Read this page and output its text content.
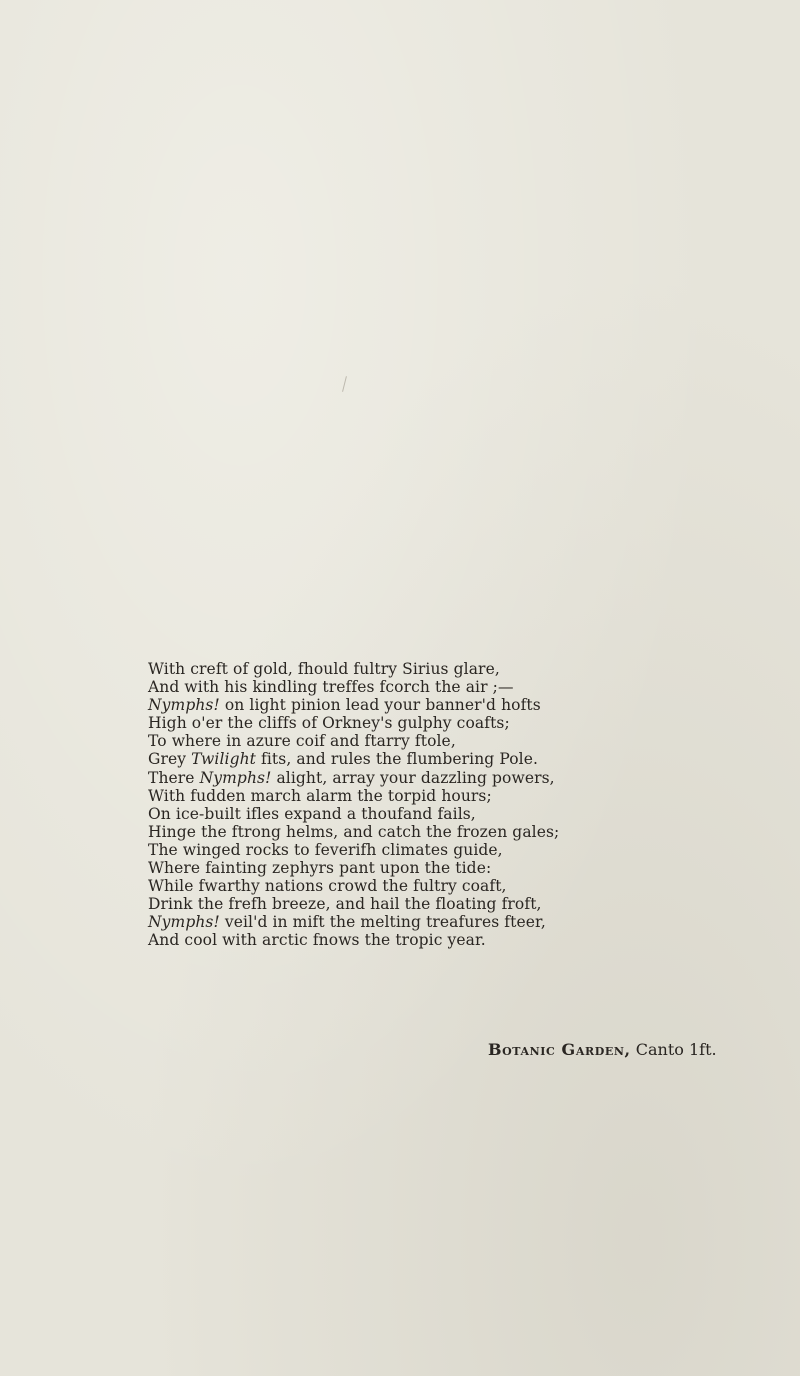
With creft of gold, fhould fultry Sirius glare,
And with his kindling treffes fcorch the air ;—
Nymphs! on light pinion lead your banner'd hofts
High o'er the cliffs of Orkney's gulphy coafts;
To where in azure coif and ftarry ftole,
Grey Twilight fits, and rules the flumbering Pole.
There Nymphs! alight, array your dazzling powers,
With fudden march alarm the torpid hours;
On ice-built ifles expand a thoufand fails,
Hinge the ftrong helms, and catch the frozen gales;
The winged rocks to feverifh climates guide,
Where fainting zephyrs pant upon the tide:
While fwarthy nations crowd the fultry coaft,
Drink the frefh breeze, and hail the floating froft,
Nymphs! veil'd in mift the melting treafures fteer,
And cool with arctic fnows the tropic year.
Botanic Garden, Canto 1ft.
